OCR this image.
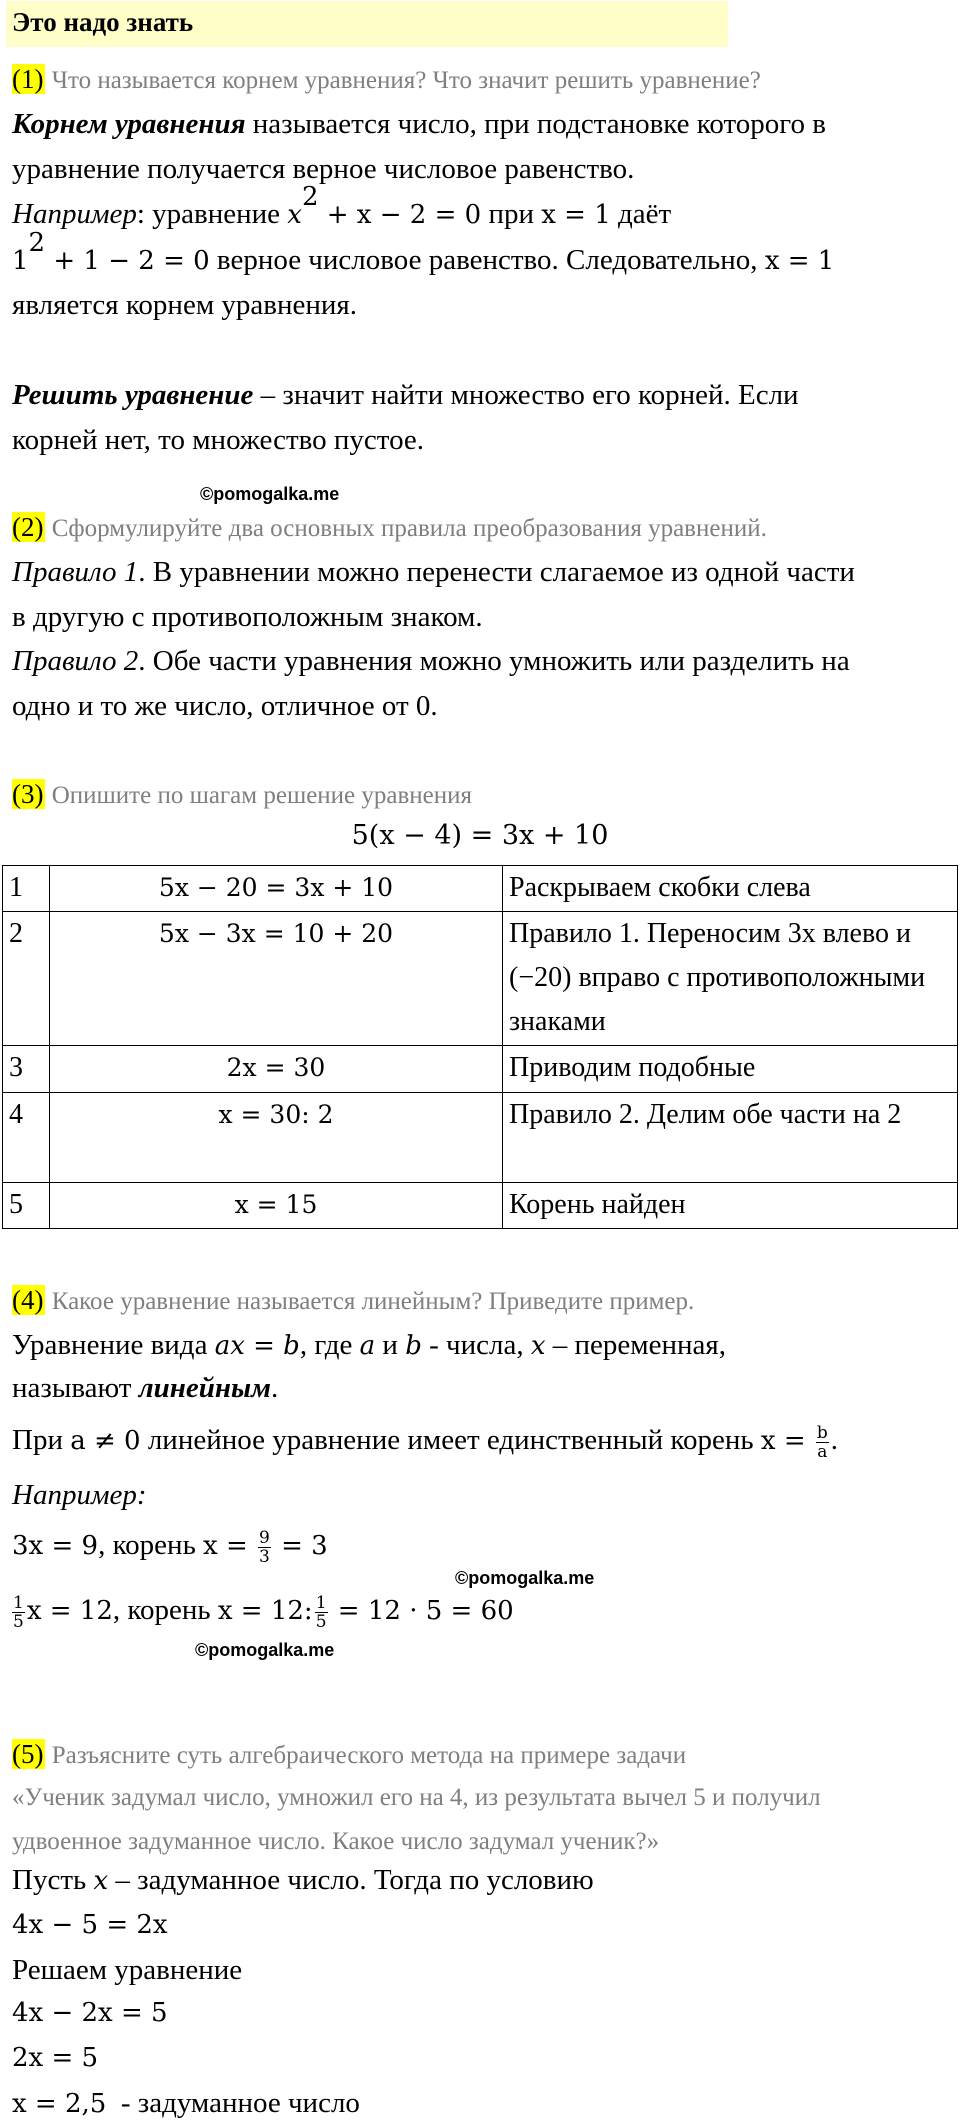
Это надо знать
(1) Что называется корнем уравнения? Что значит решить уравнение?
Корнем уравнения называется число, при подстановке которого в
уравнение получается верное числовое равенство.
Например: уравнение $x^2 + x - 2 = 0$ при x = 1 даёт
$1^2 + 1 - 2 = 0$ верное числовое равенство. Следовательно, x = 1
является корнем уравнения.
Решить уравнение – значит найти множество его корней. Если
корней нет, то множество пустое.
©pomogalka.me
(2) Сформулируйте два основных правила преобразования уравнений.
Правило 1. В уравнении можно перенести слагаемое из одной части
в другую с противоположным знаком.
Правило 2. Обе части уравнения можно умножить или разделить на
одно и то же число, отличное от 0.
(3) Опишите по шагам решение уравнения
5(x − 4) = 3x + 10
1	5x − 20 = 3x + 10	Раскрываем скобки слева
2	5x − 3x = 10 + 20	Правило 1. Переносим 3x влево и (−20) вправо с противоположными знаками
3	2x = 30	Приводим подобные
4	x = 30: 2	Правило 2. Делим обе части на 2
5	x = 15	Корень найден
(4) Какое уравнение называется линейным? Приведите пример.
Уравнение вида ax = b, где a и b - числа, x – переменная,
называют линейным.
При a ≠ 0 линейное уравнение имеет единственный корень $x = \frac{b}{a}$ .
Например:
3x = 9, корень $x = \frac{9}{3} = 3$
©pomogalka.me
$\frac{1}{5}$ x = 12, корень x = 12: $\frac{1}{5} = 12 \cdot 5 = 60$
©pomogalka.me
(5) Разъясните суть алгебраического метода на примере задачи
«Ученик задумал число, умножил его на 4, из результата вычел 5 и получил
удвоенное задуманное число. Какое число задумал ученик?»
Пусть x – задуманное число. Тогда по условию
4x − 5 = 2x
Решаем уравнение
4x − 2x = 5
2x = 5
x = 2,5  - задуманное число
